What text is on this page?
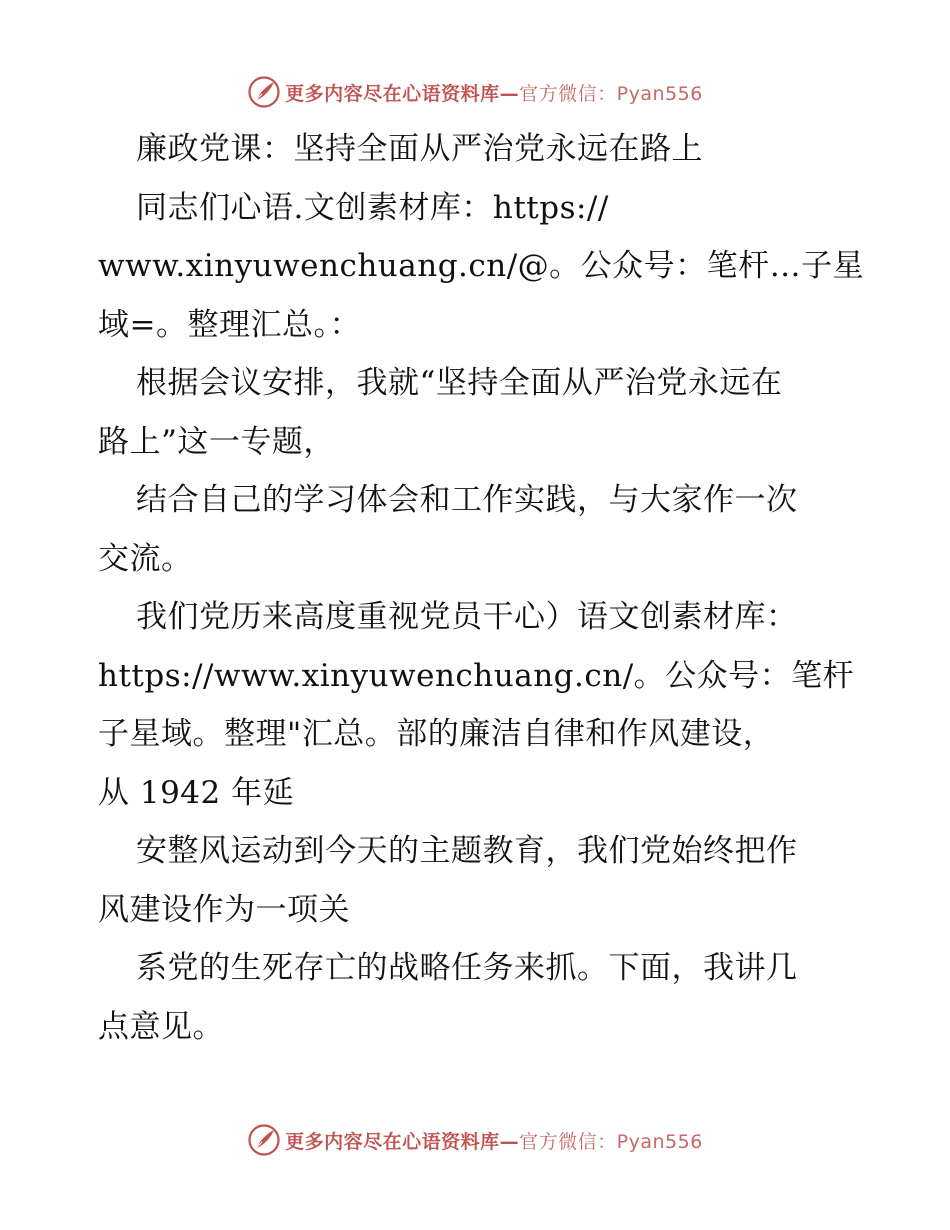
更多内容尽在心语资料库—官方微信：Pyan556
廉政党课：坚持全面从严治党永远在路上
同志们心语.文创素材库：https://
www.xinyuwenchuang.cn/@。公众号：笔杆…子星
域=。整理汇总。：
根据会议安排，我就“坚持全面从严治党永远在
路上”这一专题，
结合自己的学习体会和工作实践，与大家作一次
交流。
我们党历来高度重视党员干心）语文创素材库：
https://www.xinyuwenchuang.cn/。公众号：笔杆
子星域。整理"汇总。部的廉洁自律和作风建设，
从 1942 年延
安整风运动到今天的主题教育，我们党始终把作
风建设作为一项关
系党的生死存亡的战略任务来抓。下面，我讲几
点意见。
更多内容尽在心语资料库—官方微信：Pyan556
